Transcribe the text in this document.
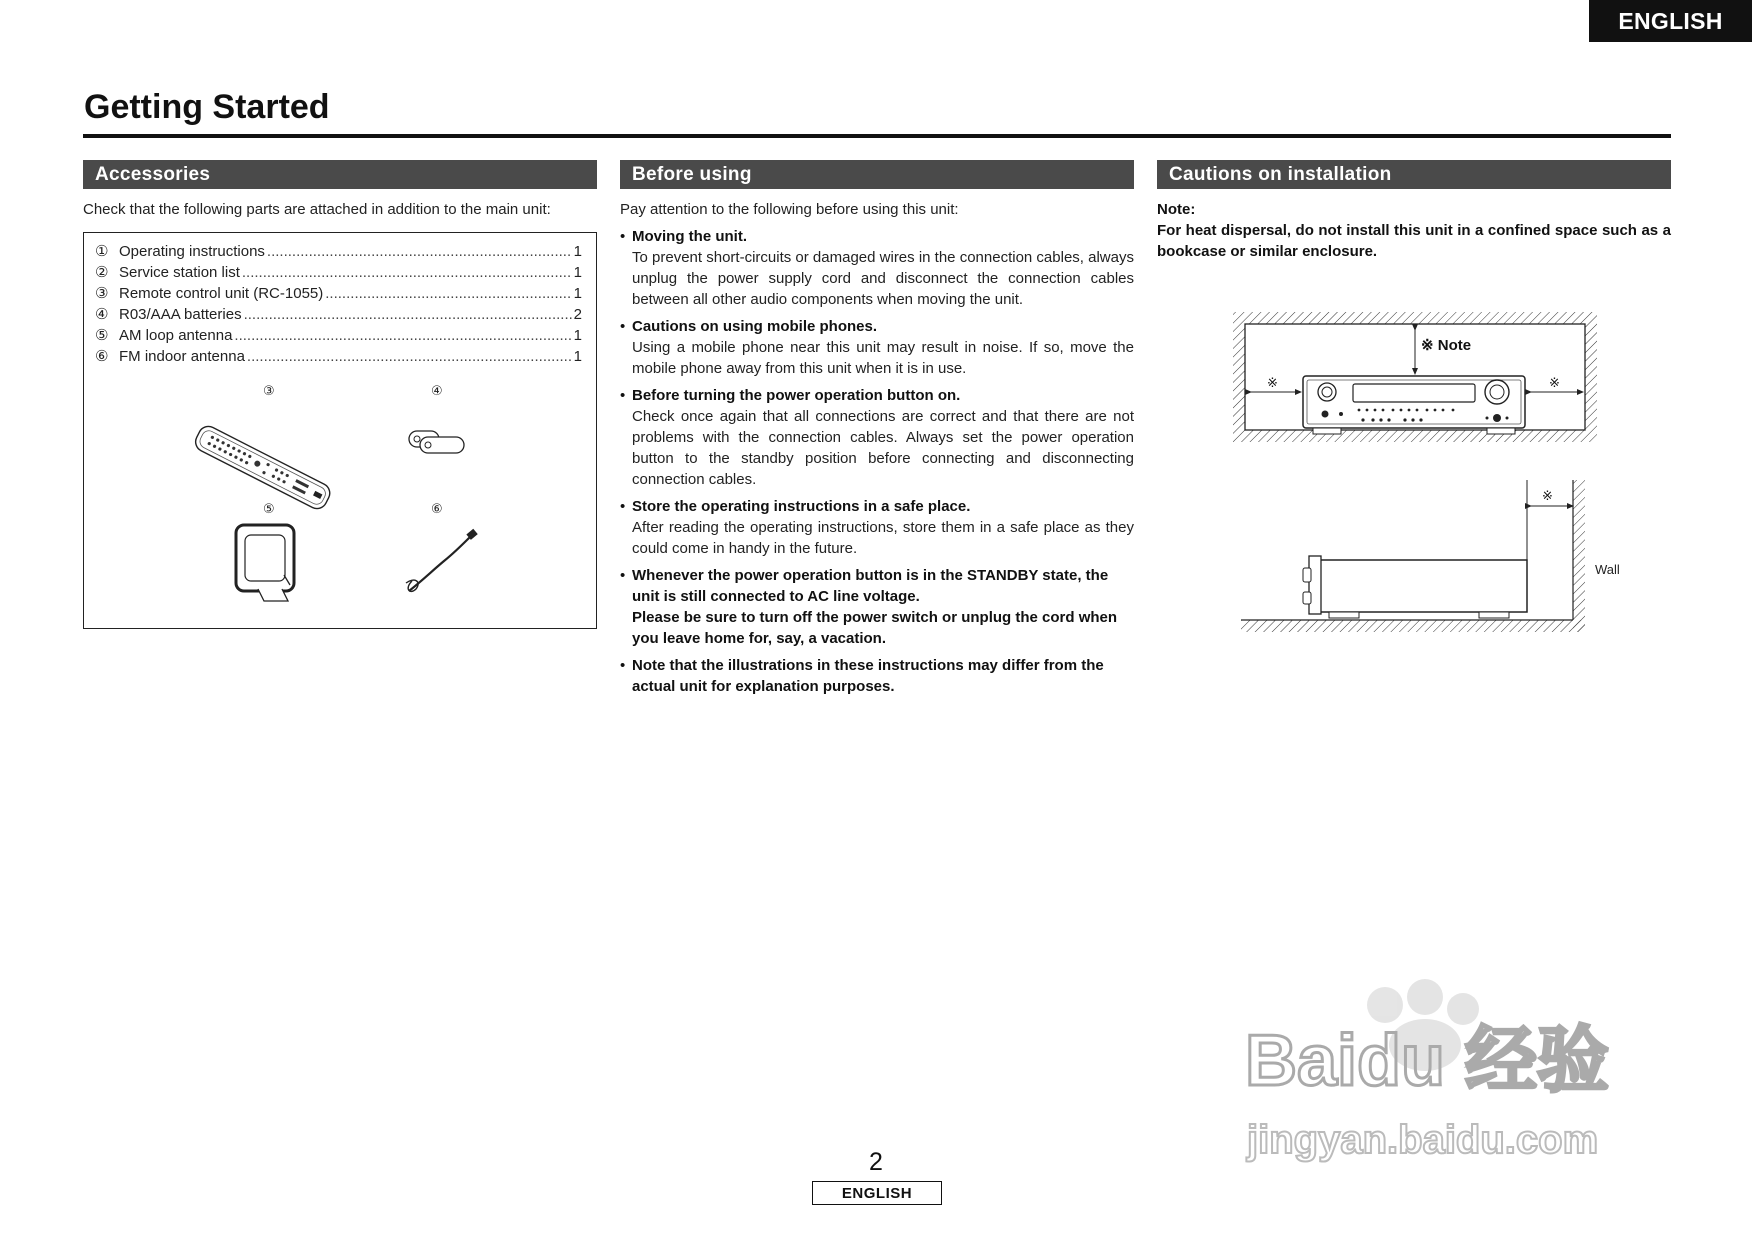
ENGLISH
Getting Started
Accessories

Check that the following parts are attached in addition to the main unit:

① Operating instructions .....	1
② Service station list .....	1
③ Remote control unit (RC-1055) .....	1
④ R03/AAA batteries .....	2
⑤ AM loop antenna .....	1
⑥ FM indoor antenna .....	1
③	④
⑤	⑥
Before using

Pay attention to the following before using this unit:

• Moving the unit.
To prevent short-circuits or damaged wires in the connection cables, always unplug the power supply cord and disconnect the connection cables between all other audio components when moving the unit.
• Cautions on using mobile phones.
Using a mobile phone near this unit may result in noise. If so, move the mobile phone away from this unit when it is in use.
• Before turning the power operation button on.
Check once again that all connections are correct and that there are not problems with the connection cables. Always set the power operation button to the standby position before connecting and disconnecting connection cables.
• Store the operating instructions in a safe place.
After reading the operating instructions, store them in a safe place as they could come in handy in the future.
• Whenever the power operation button is in the STANDBY state, the unit is still connected to AC line voltage.
Please be sure to turn off the power switch or unplug the cord when you leave home for, say, a vacation.
• Note that the illustrations in these instructions may differ from the actual unit for explanation purposes.
Cautions on installation
Note:
For heat dispersal, do not install this unit in a confined space such as a bookcase or similar enclosure.
※ Note
※	※
※
Wall
2
ENGLISH
Baidu 经验
jingyan.baidu.com
